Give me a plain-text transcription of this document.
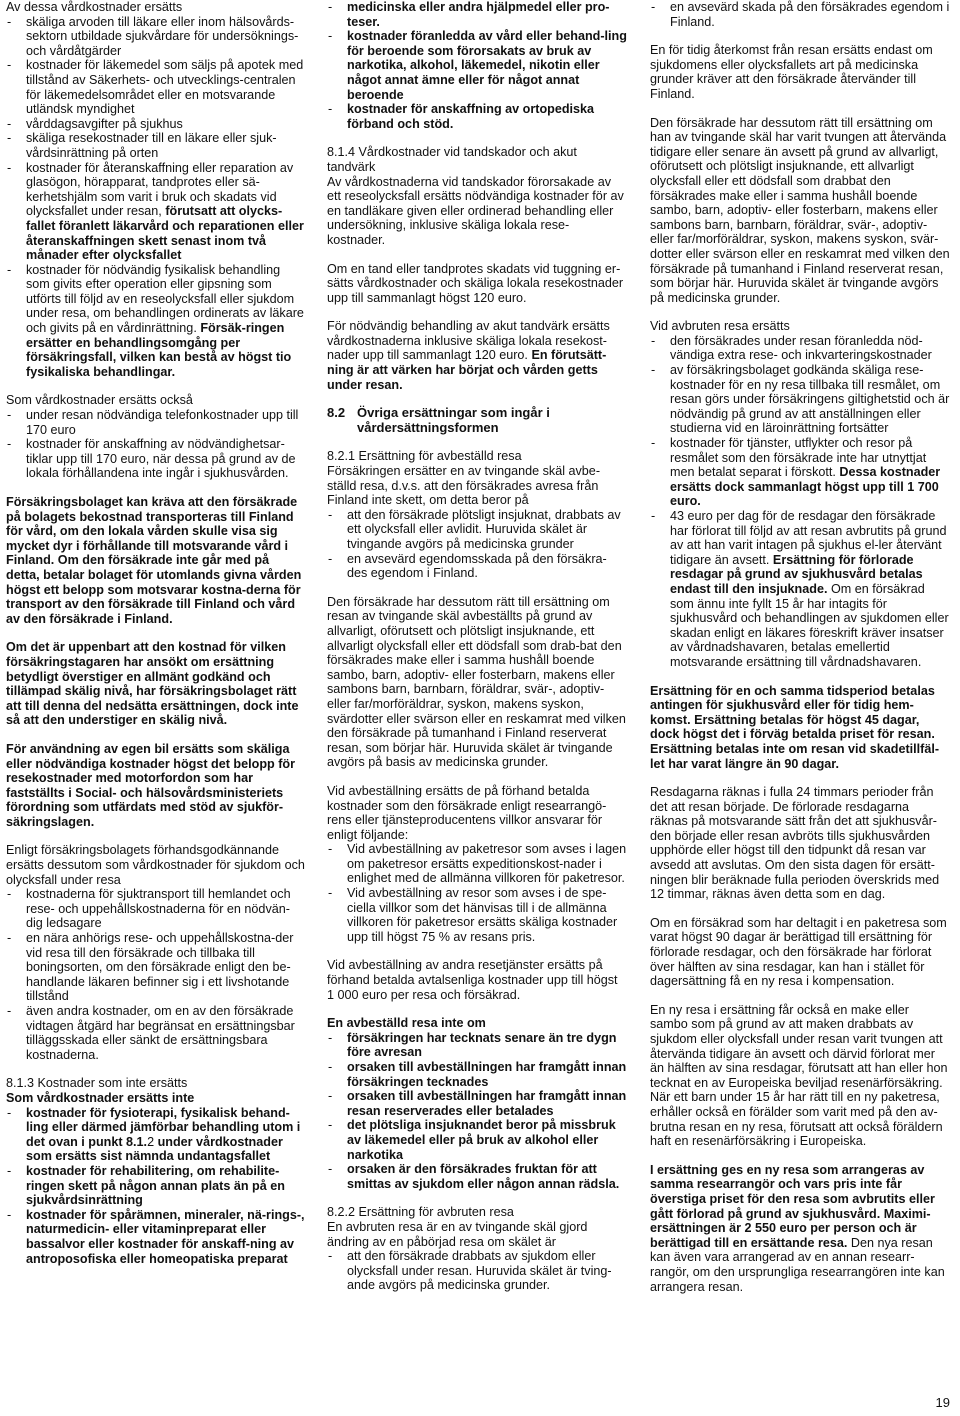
Av dessa vårdkostnader ersätts

- skäliga arvoden till läkare eller inom hälsovårds-sektorn utbildade sjukvårdare för undersöknings- och vårdåtgärder
- kostnader för läkemedel som säljs på apotek med tillstånd av Säkerhets- och utvecklings-centralen för läkemedelsområdet eller en motsvarande utländsk myndighet
- vårddagsavgifter på sjukhus
- skäliga resekostnader till en läkare eller sjuk-vårdsinrättning på orten
- kostnader för återanskaffning eller reparation av glasögon, hörapparat, tandprotes eller sä-kerhetshjälm som varit i bruk och skadats vid olycksfallet under resan, förutsatt att olycks-fallet föranlett läkarvård och reparationen eller återanskaffningen skett senast inom två månader efter olycksfallet
- kostnader för nödvändig fysikalisk behandling som givits efter operation eller gipsning som utförts till följd av en reseolycksfall eller sjukdom under resa, om behandlingen ordinerats av läkare och givits på en vårdinrättning. Försäk-ringen ersätter en behandlingsomgång per försäkringsfall, vilken kan bestå av högst tio fysikaliska behandlingar.

Som vårdkostnader ersätts också

- under resan nödvändiga telefonkostnader upp till 170 euro
- kostnader för anskaffning av nödvändighetsar-tiklar upp till 170 euro, när dessa på grund av de lokala förhållandena inte ingår i sjukhusvården.

Försäkringsbolaget kan kräva att den försäkrade på bolagets bekostnad transporteras till Finland för vård, om den lokala vården skulle visa sig mycket dyr i förhållande till motsvarande vård i Finland. Om den försäkrade inte går med på detta, betalar bolaget för utomlands givna vården högst ett belopp som motsvarar kostna-derna för transport av den försäkrade till Finland och vård av den försäkrade i Finland.

Om det är uppenbart att den kostnad för vilken försäkringstagaren har ansökt om ersättning betydligt överstiger en allmänt godkänd och tillämpad skälig nivå, har försäkringsbolaget rätt att till denna del nedsätta ersättningen, dock inte så att den understiger en skälig nivå.

För användning av egen bil ersätts som skäliga eller nödvändiga kostnader högst det belopp för resekostnader med motorfordon som har fastställts i Social- och hälsovårdsministeriets förordning som utfärdats med stöd av sjukför-säkringslagen.

Enligt försäkringsbolagets förhandsgodkännande ersätts dessutom som vårdkostnader för sjukdom och olycksfall under resa

- kostnaderna för sjuktransport till hemlandet och rese- och uppehållskostnaderna för en nödvän-dig ledsagare
- en nära anhörigs rese- och uppehållskostna-der vid resa till den försäkrade och tillbaka till boningsorten, om den försäkrade enligt den be-handlande läkaren befinner sig i ett livshotande tillstånd
- även andra kostnader, om en av den försäkrade vidtagen åtgärd har begränsat en ersättningsbar tilläggsskada eller sänkt de ersättningsbara kostnaderna.
8.1.3 Kostnader som inte ersätts
Som vårdkostnader ersätts inte
- kostnader för fysioterapi, fysikalisk behand-ling eller därmed jämförbar behandling utom i det ovan i punkt 8.1.2 under vårdkostnader som ersätts sist nämnda undantagsfallet
- kostnader för rehabilitering, om rehabilite-ringen skett på någon annan plats än på en sjukvårdsinrättning
- kostnader för spårämnen, mineraler, nä-rings-, naturmedicin- eller vitaminpreparat eller bassalvor eller kostnader för anskaff-ning av antroposofiska eller homeopatiska preparat
- medicinska eller andra hjälpmedel eller pro-teser.
- kostnader föranledda av vård eller behand-ling för beroende som förorsakats av bruk av narkotika, alkohol, läkemedel, nikotin eller något annat ämne eller för något annat beroende
- kostnader för anskaffning av ortopediska förband och stöd.
8.1.4 Vårdkostnader vid tandskador och akut tandvärk

Av vårdkostnaderna vid tandskador förorsakade av ett reseolycksfall ersätts nödvändiga kostnader för av en tandläkare given eller ordinerad behandling eller undersökning, inklusive skäliga lokala rese-kostnader.

Om en tand eller tandprotes skadats vid tuggning er-sätts vårdkostnader och skäliga lokala resekostnader upp till sammanlagt högst 120 euro.

För nödvändig behandling av akut tandvärk ersätts vårdkostnaderna inklusive skäliga lokala resekost-nader upp till sammanlagt 120 euro. En förutsätt-ning är att värken har börjat och vården getts under resan.

8.2 Övriga ersättningar som ingår i vårdersättningsformen
8.2.1 Ersättning för avbeställd resa

Försäkringen ersätter en av tvingande skäl avbe-ställd resa, d.v.s. att den försäkrades avresa från Finland inte skett, om detta beror på

- att den försäkrade plötsligt insjuknat, drabbats av ett olycksfall eller avlidit. Huruvida skälet är tvingande avgörs på medicinska grunder
- en avsevärd egendomsskada på den försäkra-des egendom i Finland.

Den försäkrade har dessutom rätt till ersättning om resan av tvingande skäl avbeställts på grund av allvarligt, oförutsett och plötsligt insjuknande, ett allvarligt olycksfall eller ett dödsfall som drab-bat den försäkrades make eller i samma hushåll boende sambo, barn, adoptiv- eller fosterbarn, makens eller sambons barn, barnbarn, föräldrar, svär-, adoptiv- eller far/morföräldrar, syskon, makens syskon, svärdotter eller svärson eller en reskamrat med vilken den försäkrade på tumanhand i Finland reserverat resan, som börjar här. Huruvida skälet är tvingande avgörs på basis av medicinska grunder.

Vid avbeställning ersätts de på förhand betalda kostnader som den försäkrade enligt researrangö-rens eller tjänsteproducentens villkor ansvarar för enligt följande:

- Vid avbeställning av paketresor som avses i lagen om paketresor ersätts expeditionskost-nader i enlighet med de allmänna villkoren för paketresor.
- Vid avbeställning av resor som avses i de spe-ciella villkor som det hänvisas till i de allmänna villkoren för paketresor ersätts skäliga kostnader upp till högst 75 % av resans pris.

Vid avbeställning av andra resetjänster ersätts på förhand betalda avtalsenliga kostnader upp till högst 1 000 euro per resa och försäkrad.

En avbeställd resa inte om
- försäkringen har tecknats senare än tre dygn före avresan
- orsaken till avbeställningen har framgått innan försäkringen tecknades
- orsaken till avbeställningen har framgått innan resan reserverades eller betalades
- det plötsliga insjuknandet beror på missbruk av läkemedel eller på bruk av alkohol eller narkotika
- orsaken är den försäkrades fruktan för att smittas av sjukdom eller någon annan rädsla.
8.2.2 Ersättning för avbruten resa

En avbruten resa är en av tvingande skäl gjord ändring av en påbörjad resa om skälet är

- att den försäkrade drabbats av sjukdom eller olycksfall under resan. Huruvida skälet är tving-ande avgörs på medicinska grunder.
- en avsevärd skada på den försäkrades egendom i Finland.

En för tidig återkomst från resan ersätts endast om sjukdomens eller olycksfallets art på medicinska grunder kräver att den försäkrade återvänder till Finland.

Den försäkrade har dessutom rätt till ersättning om han av tvingande skäl har varit tvungen att återvända tidigare eller senare än avsett på grund av allvarligt, oförutsett och plötsligt insjuknande, ett allvarligt olycksfall eller ett dödsfall som drabbat den försäkrades make eller i samma hushåll boende sambo, barn, adoptiv- eller fosterbarn, makens eller sambons barn, barnbarn, föräldrar, svär-, adoptiv-eller far/morföräldrar, syskon, makens syskon, svär-dotter eller svärson eller en reskamrat med vilken den försäkrade på tumanhand i Finland reserverat resan, som börjar här. Huruvida skälet är tvingande avgörs på medicinska grunder.

Vid avbruten resa ersätts

- den försäkrades under resan föranledda nöd-vändiga extra rese- och inkvarteringskostnader
- av försäkringsbolaget godkända skäliga rese-kostnader för en ny resa tillbaka till resmålet, om resan görs under försäkringens giltighetstid och är nödvändig på grund av att anställningen eller studierna vid en läroinrättning fortsätter
- kostnader för tjänster, utflykter och resor på resmålet som den försäkrade inte har utnyttjat men betalat separat i förskott. Dessa kostnader ersätts dock sammanlagt högst upp till 1 700 euro.
- 43 euro per dag för de resdagar den försäkrade har förlorat till följd av att resan avbrutits på grund av att han varit intagen på sjukhus el-ler återvänt tidigare än avsett. Ersättning för förlorade resdagar på grund av sjukhusvård betalas endast till den insjuknade. Om en försäkrad som ännu inte fyllt 15 år har intagits för sjukhusvård och behandlingen av sjukdomen eller skadan enligt en läkares föreskrift kräver insatser av vårdnadshavaren, betalas emellertid motsvarande ersättning till vårdnadshavaren.

Ersättning för en och samma tidsperiod betalas antingen för sjukhusvård eller för tidig hem-komst. Ersättning betalas för högst 45 dagar, dock högst det i förväg betalda priset för resan. Ersättning betalas inte om resan vid skadetillfäl-let har varat längre än 90 dagar.

Resdagarna räknas i fulla 24 timmars perioder från det att resan började. De förlorade resdagarna räknas på motsvarande sätt från det att sjukhusvår-den började eller resan avbröts tills sjukhusvården upphörde eller högst till den tidpunkt då resan var avsedd att avslutas. Om den sista dagen för ersätt-ningen blir beräknade fulla perioden överskrids med 12 timmar, räknas även detta som en dag.

Om en försäkrad som har deltagit i en paketresa som varat högst 90 dagar är berättigad till ersättning för förlorade resdagar, och den försäkrade har förlorat över hälften av sina resdagar, kan han i stället för dagersättning få en ny resa i kompensation.

En ny resa i ersättning får också en make eller sambo som på grund av att maken drabbats av sjukdom eller olycksfall under resan varit tvungen att återvända tidigare än avsett och därvid förlorat mer än hälften av sina resdagar, förutsatt att han eller hon tecknat en av Europeiska beviljad resenärförsäkring. När ett barn under 15 år har rätt till en ny paketresa, erhåller också en förälder som varit med på den av-brutna resan en ny resa, förutsatt att också föräldern haft en resenärförsäkring i Europeiska.

I ersättning ges en ny resa som arrangeras av samma researrangör och vars pris inte får överstiga priset för den resa som avbrutits eller gått förlorad på grund av sjukhusvård. Maximi-ersättningen är 2 550 euro per person och är berättigad till en ersättande resa. Den nya resan kan även vara arrangerad av en annan researr-rangör, om den ursprungliga researrangören inte kan arrangera resan.

19
